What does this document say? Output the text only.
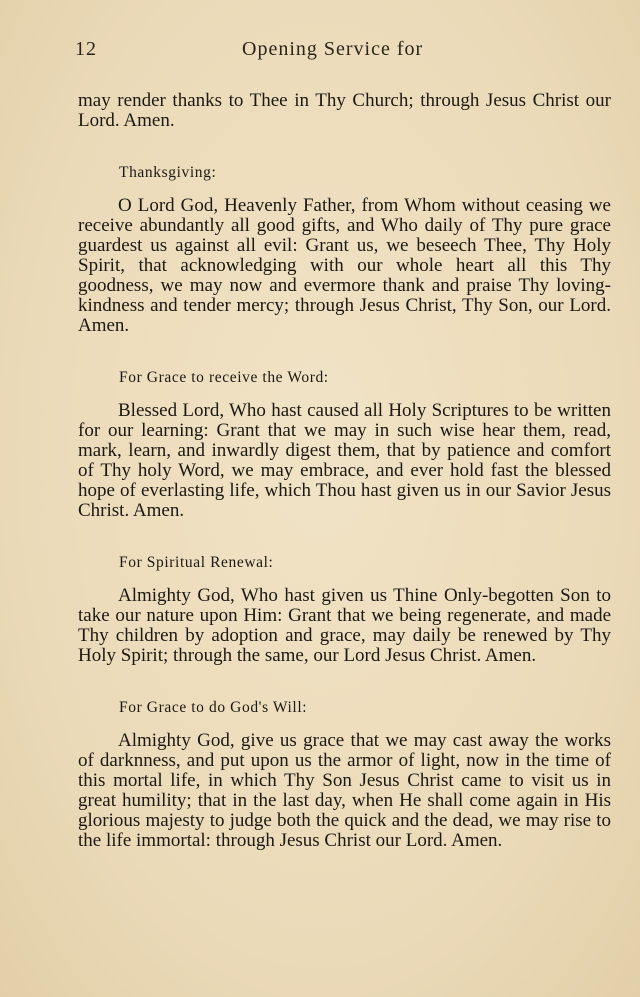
12	Opening Service for

may render thanks to Thee in Thy Church; through Jesus Christ our Lord. Amen.

Thanksgiving:

O Lord God, Heavenly Father, from Whom without ceasing we receive abundantly all good gifts, and Who daily of Thy pure grace guardest us against all evil: Grant us, we beseech Thee, Thy Holy Spirit, that acknowledging with our whole heart all this Thy goodness, we may now and evermore thank and praise Thy loving-kindness and tender mercy; through Jesus Christ, Thy Son, our Lord. Amen.

For Grace to receive the Word:

Blessed Lord, Who hast caused all Holy Scriptures to be written for our learning: Grant that we may in such wise hear them, read, mark, learn, and inwardly digest them, that by patience and comfort of Thy holy Word, we may embrace, and ever hold fast the blessed hope of everlasting life, which Thou hast given us in our Savior Jesus Christ. Amen.

For Spiritual Renewal:

Almighty God, Who hast given us Thine Only-begotten Son to take our nature upon Him: Grant that we being regenerate, and made Thy children by adoption and grace, may daily be renewed by Thy Holy Spirit; through the same, our Lord Jesus Christ. Amen.

For Grace to do God's Will:

Almighty God, give us grace that we may cast away the works of darknness, and put upon us the armor of light, now in the time of this mortal life, in which Thy Son Jesus Christ came to visit us in great humility; that in the last day, when He shall come again in His glorious majesty to judge both the quick and the dead, we may rise to the life immortal: through Jesus Christ our Lord. Amen.
